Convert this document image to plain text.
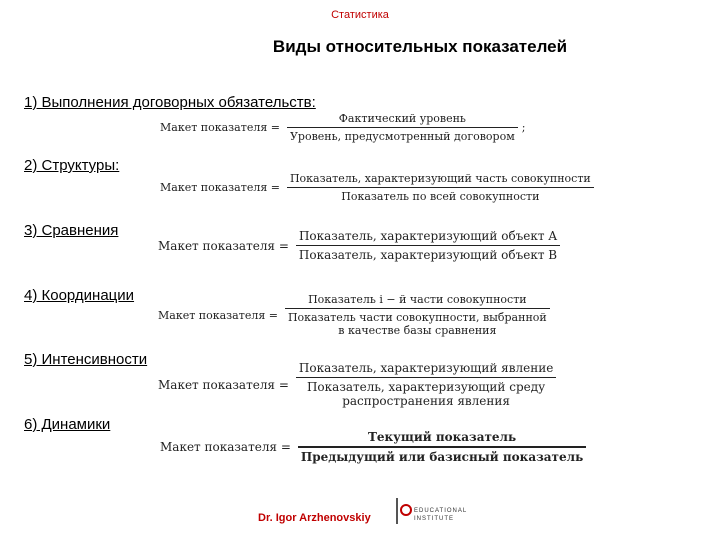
Статистика
Виды относительных показателей
1) Выполнения договорных обязательств:
Макет показателя = $\frac{\text{Фактический уровень}}{\text{Уровень, предусмотренный договором}}$ ;
2) Структуры:
Макет показателя = $\frac{\text{Показатель, характеризующий часть совокупности}}{\text{Показатель по всей совокупности}}$
3) Сравнения
Макет показателя = $\frac{\text{Показатель, характеризующий объект A}}{\text{Показатель, характеризующий объект B}}$
4) Координации
Макет показателя =
Показатель i − й части совокупности
Показатель части совокупности, выбранной
в качестве базы сравнения
5) Интенсивности
Макет показателя =
Показатель, характеризующий явление
Показатель, характеризующий среду
распространения явления
6) Динамики
Макет показателя = $\frac{\text{Текущий показатель}}{\text{Предыдущий или базисный показатель}}$
Dr. Igor Arzhenovskiy
EDUCATIONAL
INSTITUTE
